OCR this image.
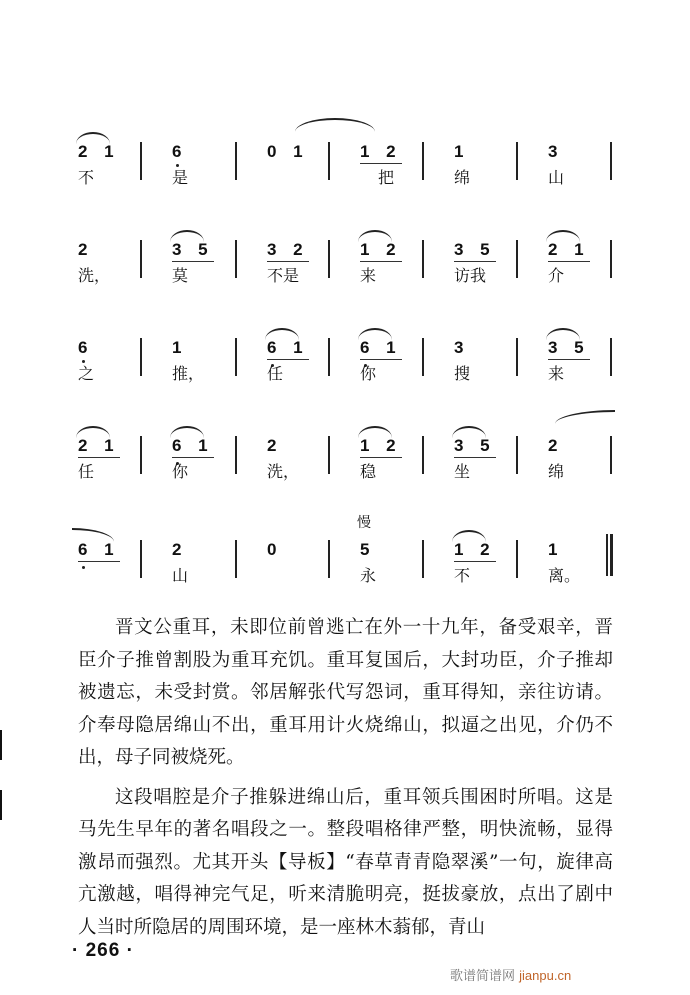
2 1
不
6
是
0 1	1 2
把
1
绵
3
山
2
洗，
3 5
莫
3 2
不是
1 2
来
3 5
访我
2 1
介
6
之
1
推，
6 1
任
6 1
你
3
搜
3 5
来
2 1
任
6 1
你
2
洗，
1 2
稳
3 5
坐
2
绵
6 1	2
山
0
慢
5
永
1 2
不
1
离。

晋文公重耳，未即位前曾逃亡在外一十九年，备受艰辛，晋臣介子推曾割股为重耳充饥。重耳复国后，大封功臣，介子推却被遗忘，未受封赏。邻居解张代写怨词，重耳得知，亲往访请。介奉母隐居绵山不出，重耳用计火烧绵山，拟逼之出见，介仍不出，母子同被烧死。

这段唱腔是介子推躲进绵山后，重耳领兵围困时所唱。这是马先生早年的著名唱段之一。整段唱格律严整，明快流畅，显得激昂而强烈。尤其开头【导板】“春草青青隐翠溪”一句，旋律高亢激越，唱得神完气足，听来清脆明亮，挺拔豪放，点出了剧中人当时所隐居的周围环境，是一座林木蓊郁，青山

· 266 ·
歌谱简谱网 jianpu.cn
